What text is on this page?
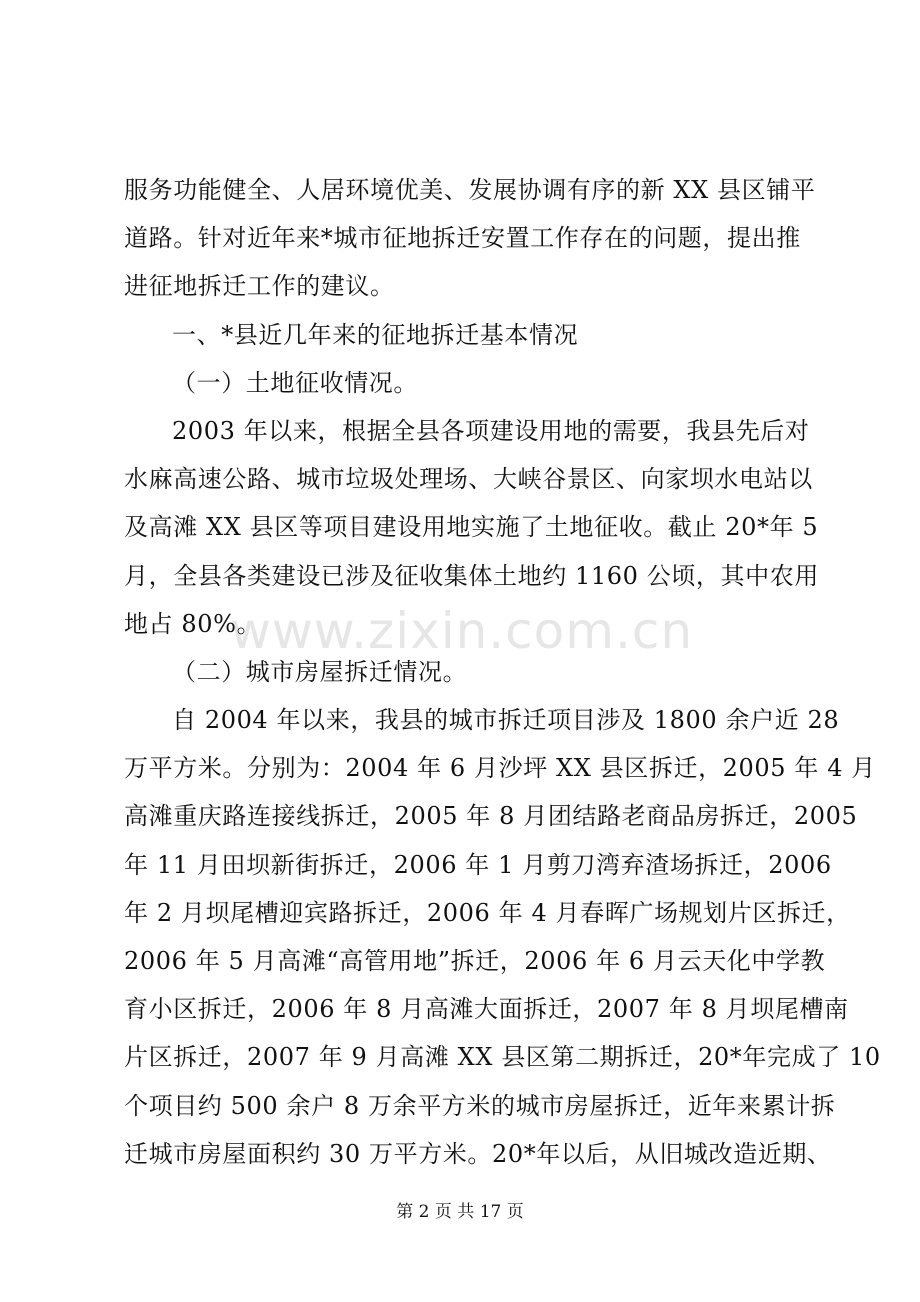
www.zixin.com.cn
服务功能健全、人居环境优美、发展协调有序的新 XX 县区铺平
道路。针对近年来*城市征地拆迁安置工作存在的问题，提出推
进征地拆迁工作的建议。
一、*县近几年来的征地拆迁基本情况
（一）土地征收情况。
2003 年以来，根据全县各项建设用地的需要，我县先后对
水麻高速公路、城市垃圾处理场、大峡谷景区、向家坝水电站以
及高滩 XX 县区等项目建设用地实施了土地征收。截止 20*年 5
月，全县各类建设已涉及征收集体土地约 1160 公顷，其中农用
地占 80%。
（二）城市房屋拆迁情况。
自 2004 年以来，我县的城市拆迁项目涉及 1800 余户近 28
万平方米。分别为：2004 年 6 月沙坪 XX 县区拆迁，2005 年 4 月
高滩重庆路连接线拆迁，2005 年 8 月团结路老商品房拆迁，2005
年 11 月田坝新街拆迁，2006 年 1 月剪刀湾弃渣场拆迁，2006
年 2 月坝尾槽迎宾路拆迁，2006 年 4 月春晖广场规划片区拆迁，
2006 年 5 月高滩“高管用地”拆迁，2006 年 6 月云天化中学教
育小区拆迁，2006 年 8 月高滩大面拆迁，2007 年 8 月坝尾槽南
片区拆迁，2007 年 9 月高滩 XX 县区第二期拆迁，20*年完成了 10
个项目约 500 余户 8 万余平方米的城市房屋拆迁，近年来累计拆
迁城市房屋面积约 30 万平方米。20*年以后，从旧城改造近期、
第 2 页 共 17 页
